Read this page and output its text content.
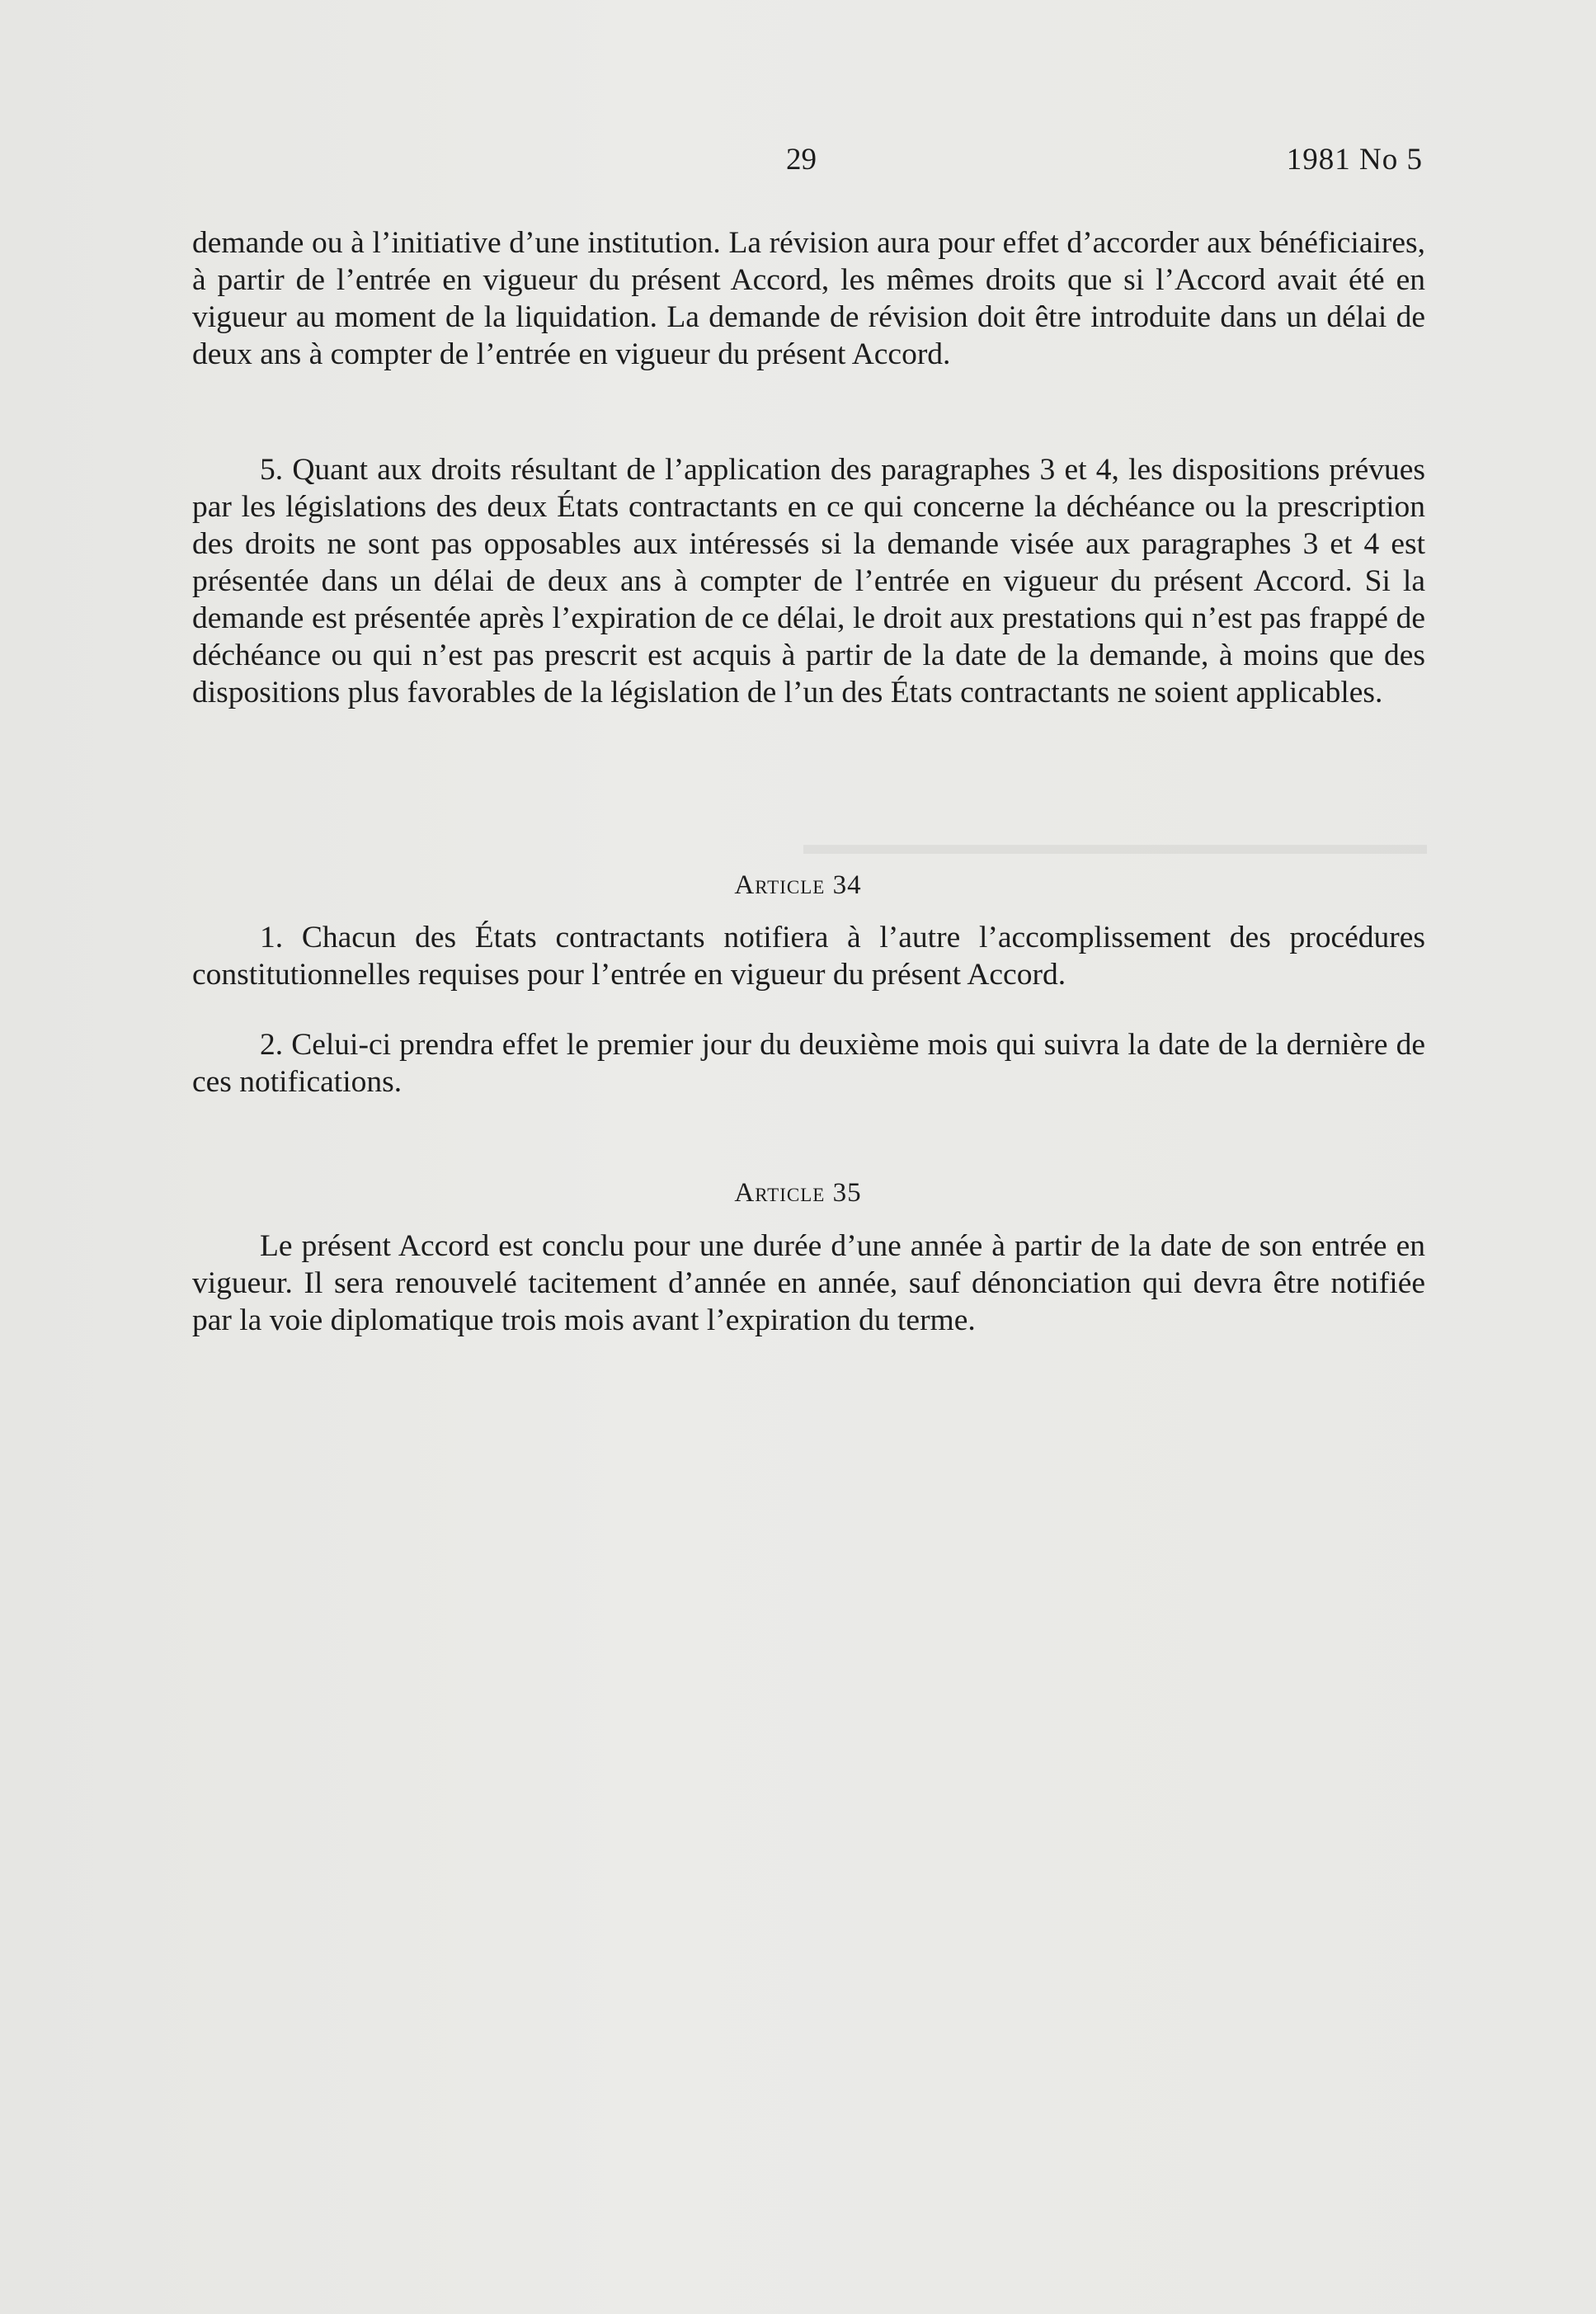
▬▬▬▬▬▬▬▬▬▬▬▬▬▬▬▬▬▬▬▬▬
29	1981 No 5

demande ou à l’initiative d’une institution. La révision aura pour effet d’accorder aux bénéficiaires, à partir de l’entrée en vigueur du présent Accord, les mêmes droits que si l’Accord avait été en vigueur au moment de la liquidation. La demande de révision doit être introduite dans un délai de deux ans à compter de l’entrée en vigueur du présent Accord.

5. Quant aux droits résultant de l’application des paragraphes 3 et 4, les dispositions prévues par les législations des deux États contractants en ce qui concerne la déchéance ou la prescription des droits ne sont pas opposables aux intéressés si la demande visée aux paragraphes 3 et 4 est présentée dans un délai de deux ans à compter de l’entrée en vigueur du présent Accord. Si la demande est présentée après l’expiration de ce délai, le droit aux prestations qui n’est pas frappé de déchéance ou qui n’est pas prescrit est acquis à partir de la date de la demande, à moins que des dispositions plus favorables de la législation de l’un des États contractants ne soient applicables.

Article 34

1. Chacun des États contractants notifiera à l’autre l’accomplissement des procédures constitutionnelles requises pour l’entrée en vigueur du présent Accord.

2. Celui-ci prendra effet le premier jour du deuxième mois qui suivra la date de la dernière de ces notifications.

Article 35

Le présent Accord est conclu pour une durée d’une année à partir de la date de son entrée en vigueur. Il sera renouvelé tacitement d’année en année, sauf dénonciation qui devra être notifiée par la voie diplomatique trois mois avant l’expiration du terme.
